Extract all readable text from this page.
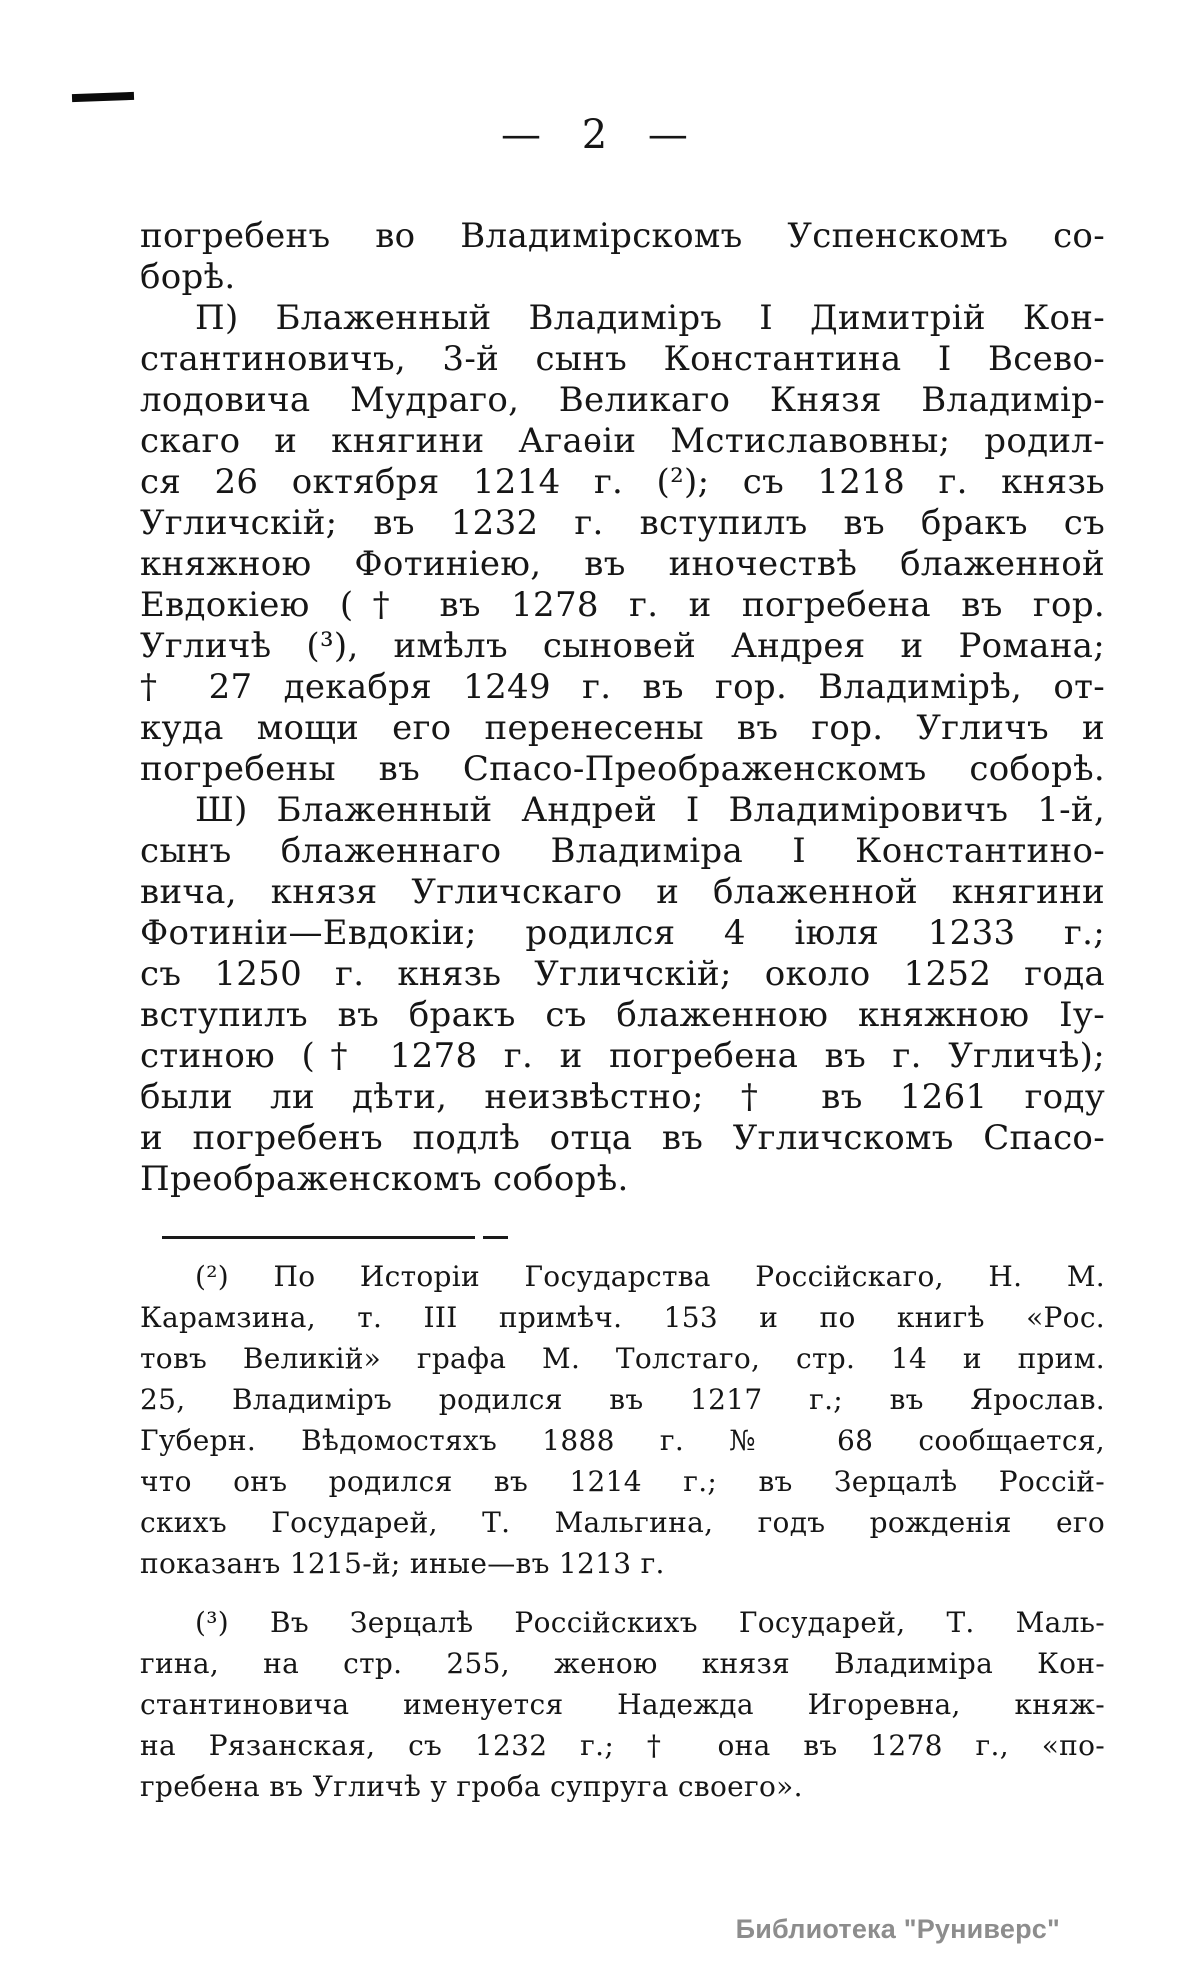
— 2 —
погребенъ во Владимірскомъ Успенскомъ со-
борѣ.
П) Блаженный Владиміръ I Димитрій Кон-
стантиновичъ, 3-й сынъ Константина I Всево-
лодовича Мудраго, Великаго Князя Владимір-
скаго и княгини Агаѳіи Мстиславовны; родил-
ся 26 октября 1214 г. (²); съ 1218 г. князь
Угличскій; въ 1232 г. вступилъ въ бракъ съ
княжною Фотиніею, въ иночествѣ блаженной
Евдокіею († въ 1278 г. и погребена въ гор.
Угличѣ (³), имѣлъ сыновей Андрея и Романа;
† 27 декабря 1249 г. въ гор. Владимірѣ, от-
куда мощи его перенесены въ гор. Угличъ и
погребены въ Спасо-Преображенскомъ соборѣ.
Ш) Блаженный Андрей I Владиміровичъ 1-й,
сынъ блаженнаго Владиміра I Константино-
вича, князя Угличскаго и блаженной княгини
Фотиніи—Евдокіи; родился 4 іюля 1233 г.;
съ 1250 г. князь Угличскій; около 1252 года
вступилъ въ бракъ съ блаженною княжною Іу-
стиною († 1278 г. и погребена въ г. Угличѣ);
были ли дѣти, неизвѣстно; † въ 1261 году
и погребенъ подлѣ отца въ Угличскомъ Спасо-
Преображенскомъ соборѣ.
(²) По Исторіи Государства Россійскаго, Н. М.
Карамзина, т. III примѣч. 153 и по книгѣ «Рос.
товъ Великій» графа М. Толстаго, стр. 14 и прим.
25, Владиміръ родился въ 1217 г.; въ Ярослав.
Губерн. Вѣдомостяхъ 1888 г. № 68 сообщается,
что онъ родился въ 1214 г.; въ Зерцалѣ Россій-
скихъ Государей, Т. Мальгина, годъ рожденія его
показанъ 1215-й; иные—въ 1213 г.
(³) Въ Зерцалѣ Россійскихъ Государей, Т. Маль-
гина, на стр. 255, женою князя Владиміра Кон-
стантиновича именуется Надежда Игоревна, княж-
на Рязанская, съ 1232 г.; † она въ 1278 г., «по-
гребена въ Угличѣ у гроба супруга своего».
Библиотека "Руниверс"
